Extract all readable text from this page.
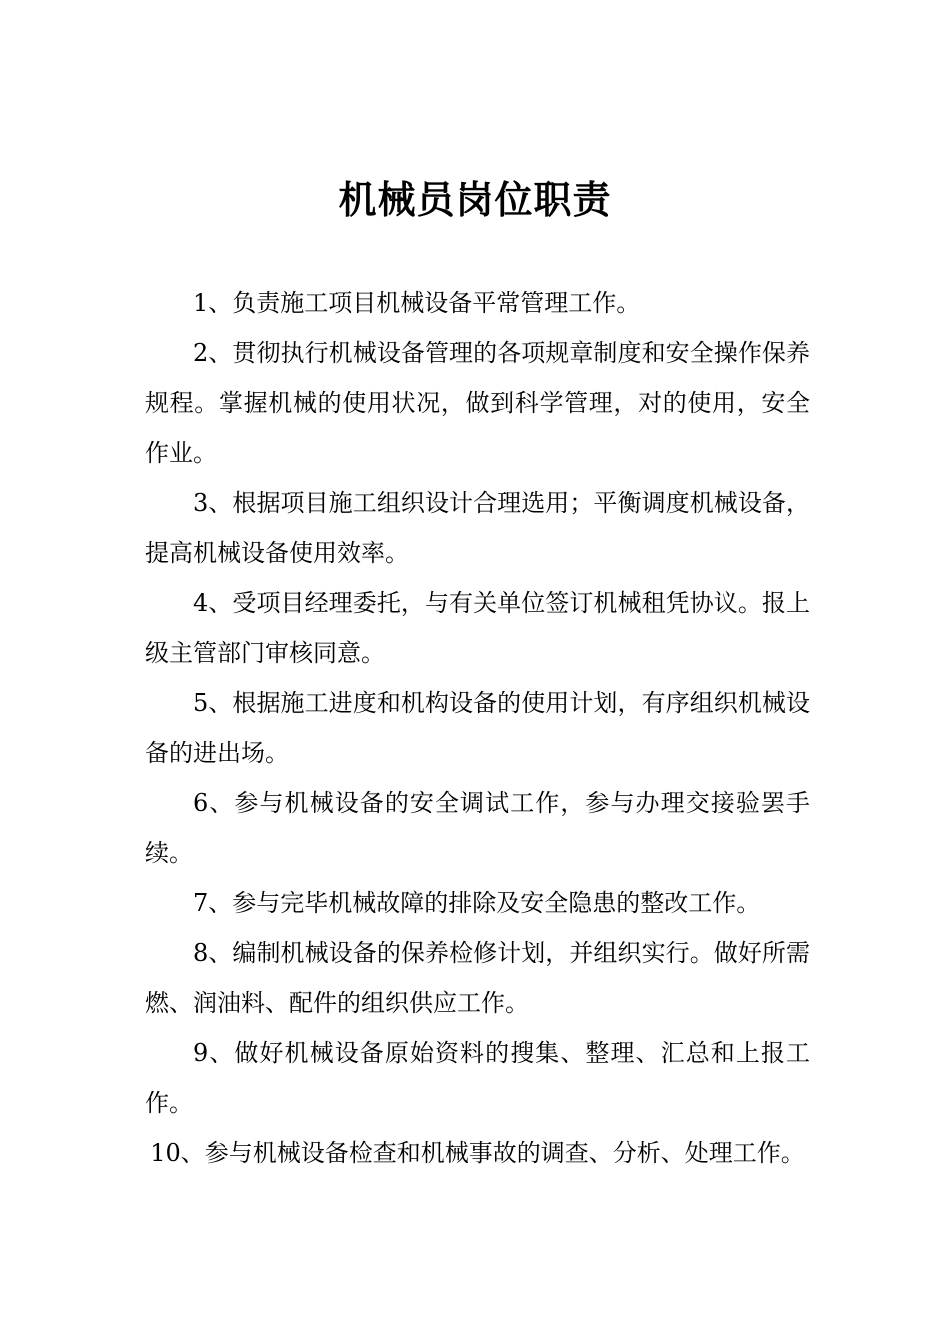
机械员岗位职责

1、负责施工项目机械设备平常管理工作。

2、贯彻执行机械设备管理的各项规章制度和安全操作保养规程。掌握机械的使用状况，做到科学管理，对的使用，安全作业。

3、根据项目施工组织设计合理选用；平衡调度机械设备，提高机械设备使用效率。

4、受项目经理委托，与有关单位签订机械租凭协议。报上级主管部门审核同意。

5、根据施工进度和机构设备的使用计划，有序组织机械设备的进出场。

6、参与机械设备的安全调试工作，参与办理交接验罢手续。

7、参与完毕机械故障的排除及安全隐患的整改工作。

8、编制机械设备的保养检修计划，并组织实行。做好所需燃、润油料、配件的组织供应工作。

9、做好机械设备原始资料的搜集、整理、汇总和上报工作。

10、参与机械设备检查和机械事故的调查、分析、处理工作。
